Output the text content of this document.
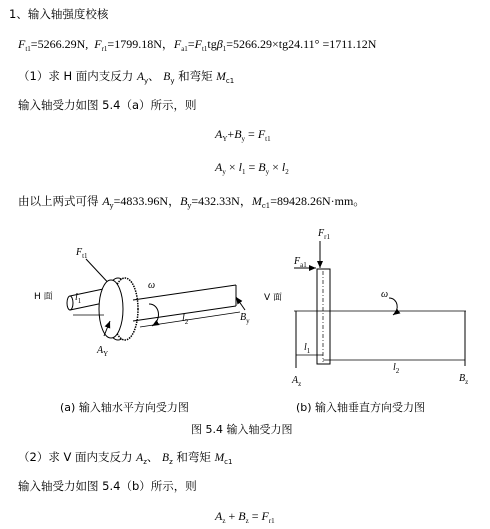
1、输入轴强度校核
$F_{t1}=5266.29N$, $F_{r1}=1799.18N$，$F_{a1}=F_{t1}tg\beta_1=5266.29\times tg24.11^\circ =1711.12N$
（1）求 H 面内支反力 $A_y$、 $B_y$ 和弯矩 $M_{c1}$
输入轴受力如图 5.4（a）所示，则
$A_Y+B_y = F_{t1}$
$A_y \times l_1 = B_y \times l_2$
由以上两式可得 $A_y=4833.96N$，$B_y=432.33N$，$M_{c1}=89428.26N\cdot mm$。
H 面
$F_{t1}$
ω
$l_1$
$l_2$
$A_Y$
$B_y$
V 面
$F_{r1}$
$F_{a1}$
ω
$A_z$	$B_z$
$l_1$
$l_2$
(a) 输入轴水平方向受力图	(b) 输入轴垂直方向受力图
图 5.4 输入轴受力图
（2）求 V 面内支反力 $A_z$、 $B_z$ 和弯矩 $M_{c1}$
输入轴受力如图 5.4（b）所示，则
$A_z + B_z = F_{r1}$
